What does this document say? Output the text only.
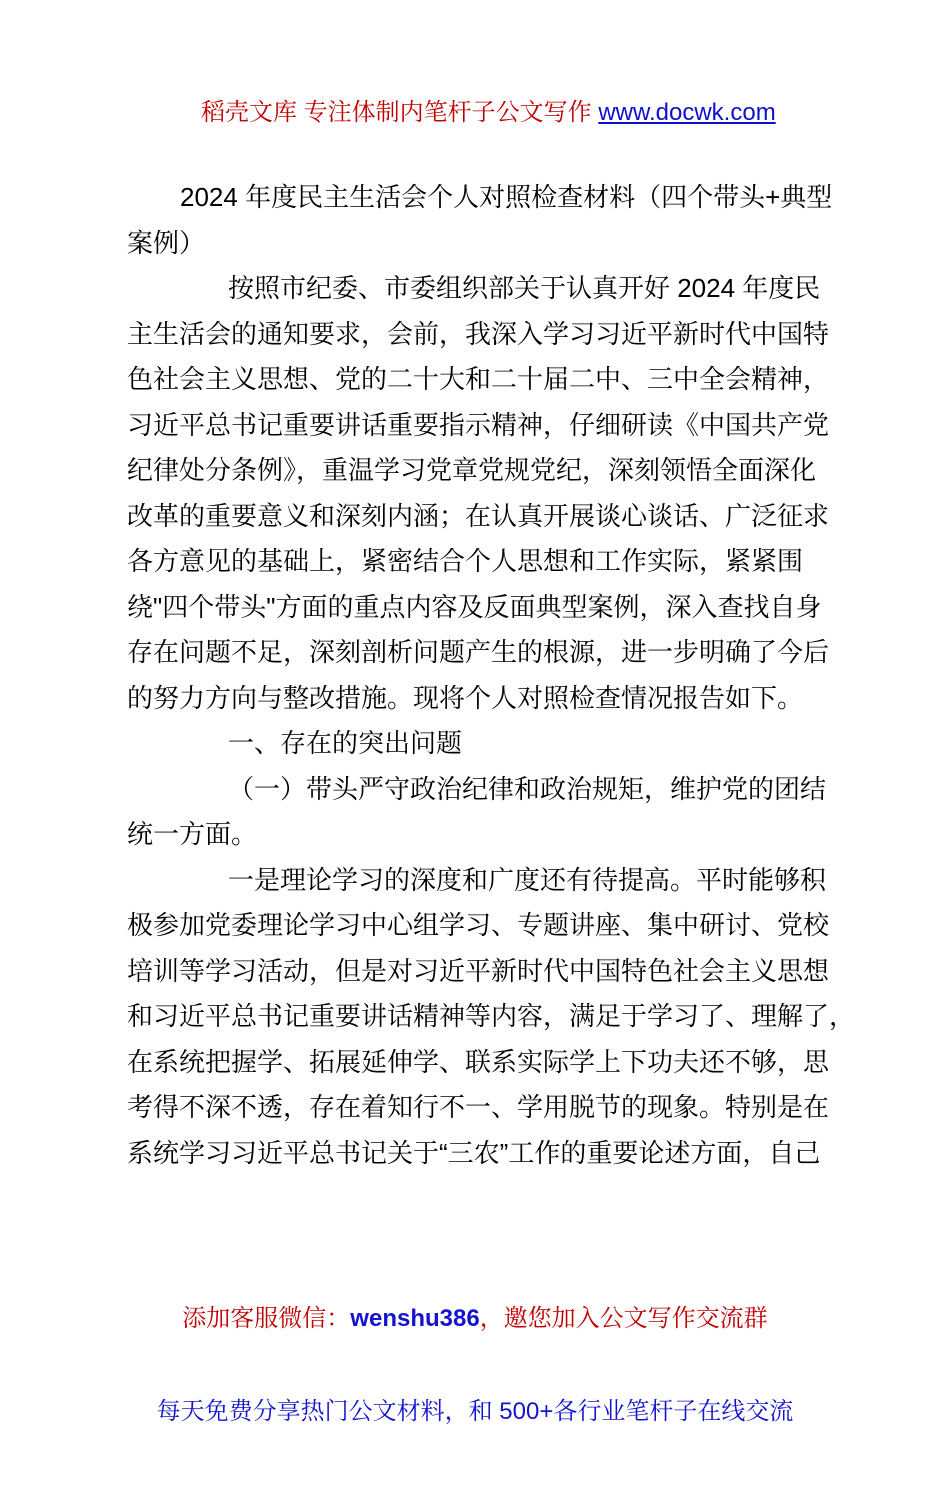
稻壳文库 专注体制内笔杆子公文写作 www.docwk.com

2024 年度民主生活会个人对照检查材料（四个带头+典型
案例）
按照市纪委、市委组织部关于认真开好 2024 年度民
主生活会的通知要求，会前，我深入学习习近平新时代中国特
色社会主义思想、党的二十大和二十届二中、三中全会精神，
习近平总书记重要讲话重要指示精神，仔细研读《中国共产党
纪律处分条例》，重温学习党章党规党纪，深刻领悟全面深化
改革的重要意义和深刻内涵；在认真开展谈心谈话、广泛征求
各方意见的基础上，紧密结合个人思想和工作实际，紧紧围
绕"四个带头"方面的重点内容及反面典型案例，深入查找自身
存在问题不足，深刻剖析问题产生的根源，进一步明确了今后
的努力方向与整改措施。现将个人对照检查情况报告如下。
一、存在的突出问题
（一）带头严守政治纪律和政治规矩，维护党的团结
统一方面。
一是理论学习的深度和广度还有待提高。平时能够积
极参加党委理论学习中心组学习、专题讲座、集中研讨、党校
培训等学习活动，但是对习近平新时代中国特色社会主义思想
和习近平总书记重要讲话精神等内容，满足于学习了、理解了，
在系统把握学、拓展延伸学、联系实际学上下功夫还不够，思
考得不深不透，存在着知行不一、学用脱节的现象。特别是在
系统学习习近平总书记关于“三农”工作的重要论述方面，自己

添加客服微信：wenshu386，邀您加入公文写作交流群

每天免费分享热门公文材料，和 500+各行业笔杆子在线交流
